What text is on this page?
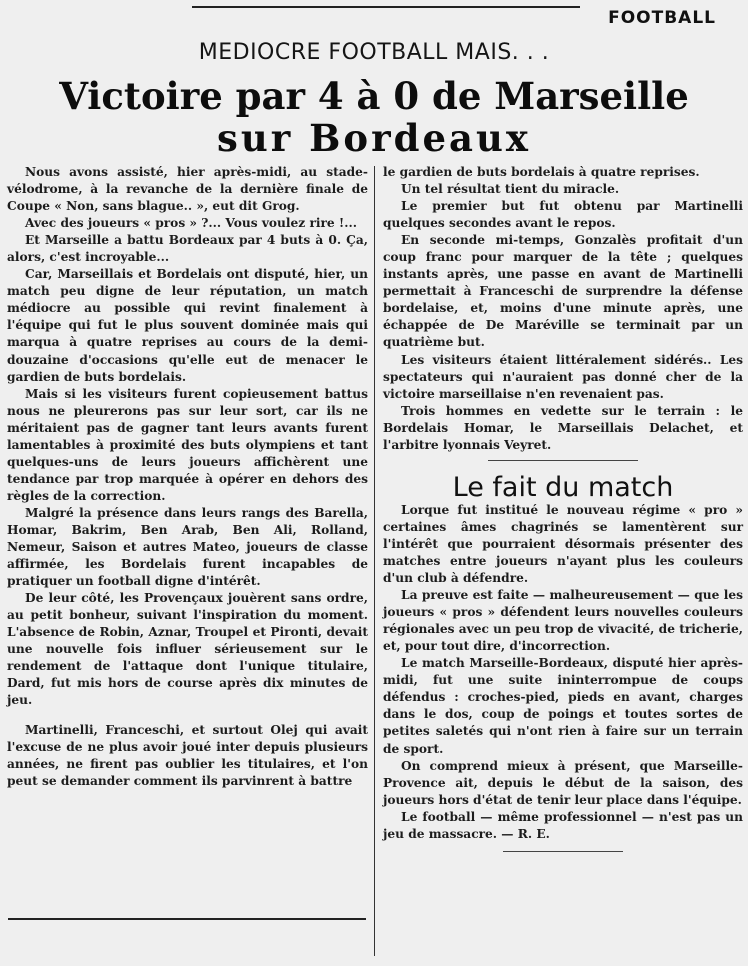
FOOTBALL
MEDIOCRE FOOTBALL MAIS. . .
Victoire par 4 à 0 de Marseille
sur Bordeaux

Nous avons assisté, hier après-midi, au stade-vélodrome, à la revanche de la dernière finale de Coupe « Non, sans blague.. », eut dit Grog.

Avec des joueurs « pros » ?... Vous voulez rire !...

Et Marseille a battu Bordeaux par 4 buts à 0. Ça, alors, c'est incroyable...

Car, Marseillais et Bordelais ont disputé, hier, un match peu digne de leur réputation, un match médiocre au possible qui revint finalement à l'équipe qui fut le plus souvent dominée mais qui marqua à quatre reprises au cours de la demi-douzaine d'occasions qu'elle eut de menacer le gardien de buts bordelais.

Mais si les visiteurs furent copieusement battus nous ne pleurerons pas sur leur sort, car ils ne méritaient pas de gagner tant leurs avants furent lamentables à proximité des buts olympiens et tant quelques-uns de leurs joueurs affichèrent une tendance par trop marquée à opérer en dehors des règles de la correction.

Malgré la présence dans leurs rangs des Barella, Homar, Bakrim, Ben Arab, Ben Ali, Rolland, Nemeur, Saison et autres Mateo, joueurs de classe affirmée, les Bordelais furent incapables de pratiquer un football digne d'intérêt.

De leur côté, les Provençaux jouèrent sans ordre, au petit bonheur, suivant l'inspiration du moment. L'absence de Robin, Aznar, Troupel et Pironti, devait une nouvelle fois influer sérieusement sur le rendement de l'attaque dont l'unique titulaire, Dard, fut mis hors de course après dix minutes de jeu.

Martinelli, Franceschi, et surtout Olej qui avait l'excuse de ne plus avoir joué inter depuis plusieurs années, ne firent pas oublier les titulaires, et l'on peut se demander comment ils parvinrent à battre

le gardien de buts bordelais à quatre reprises.

Un tel résultat tient du miracle.

Le premier but fut obtenu par Martinelli quelques secondes avant le repos.

En seconde mi-temps, Gonzalès profitait d'un coup franc pour marquer de la tête ; quelques instants après, une passe en avant de Martinelli permettait à Franceschi de surprendre la défense bordelaise, et, moins d'une minute après, une échappée de De Maréville se terminait par un quatrième but.

Les visiteurs étaient littéralement sidérés.. Les spectateurs qui n'auraient pas donné cher de la victoire marseillaise n'en revenaient pas.

Trois hommes en vedette sur le terrain : le Bordelais Homar, le Marseillais Delachet, et l'arbitre lyonnais Veyret.

Le fait du match

Lorque fut institué le nouveau régime « pro » certaines âmes chagrinés se lamentèrent sur l'intérêt que pourraient désormais présenter des matches entre joueurs n'ayant plus les couleurs d'un club à défendre.

La preuve est faite — malheureusement — que les joueurs « pros » défendent leurs nouvelles couleurs régionales avec un peu trop de vivacité, de tricherie, et, pour tout dire, d'incorrection.

Le match Marseille-Bordeaux, disputé hier après-midi, fut une suite ininterrompue de coups défendus : croches-pied, pieds en avant, charges dans le dos, coup de poings et toutes sortes de petites saletés qui n'ont rien à faire sur un terrain de sport.

On comprend mieux à présent, que Marseille-Provence ait, depuis le début de la saison, des joueurs hors d'état de tenir leur place dans l'équipe.

Le football — même professionnel — n'est pas un jeu de massacre. — R. E.
